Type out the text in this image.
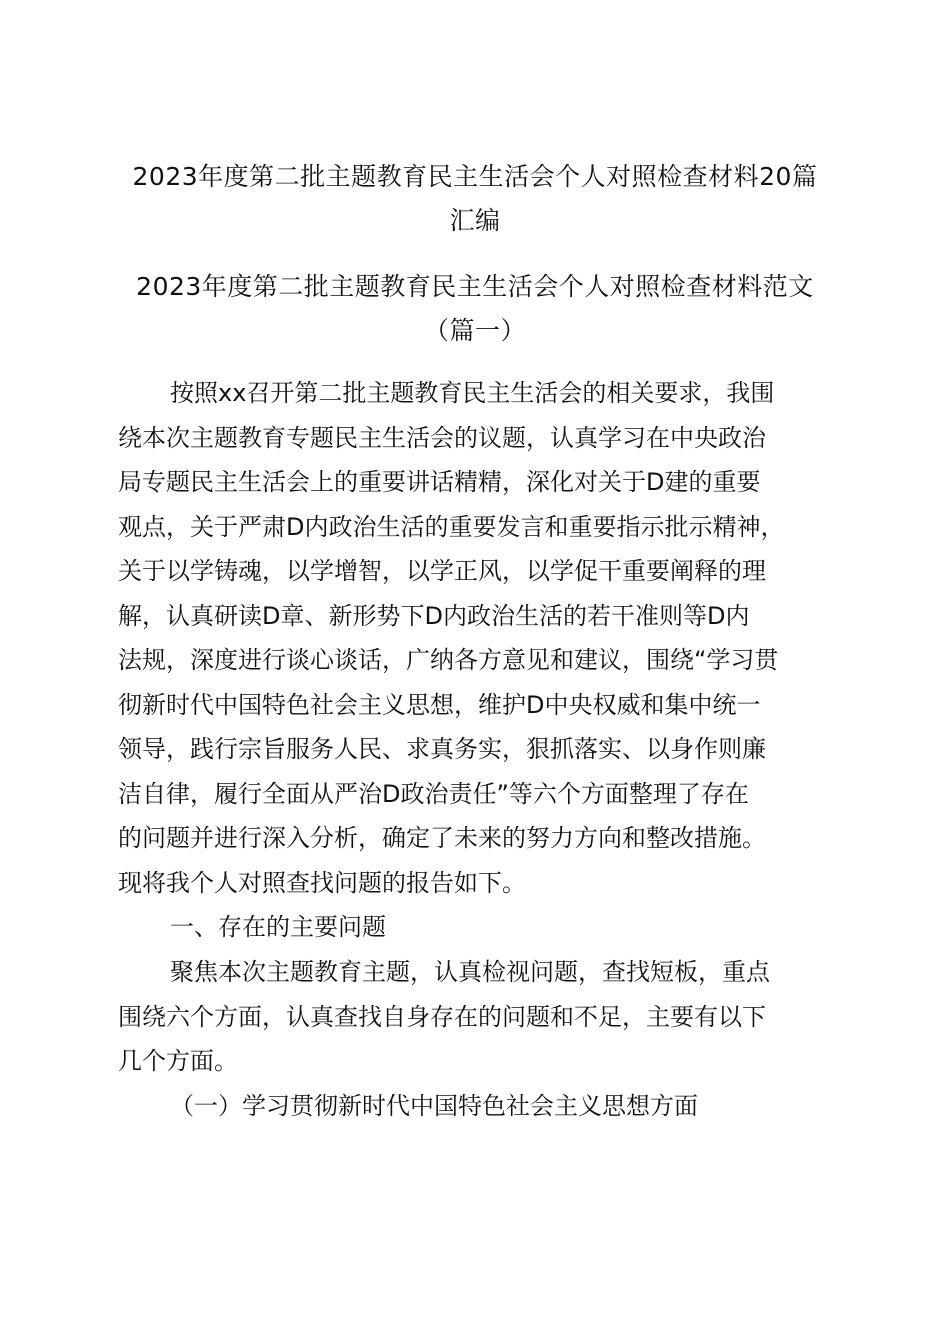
2023年度第二批主题教育民主生活会个人对照检查材料20篇
汇编
2023年度第二批主题教育民主生活会个人对照检查材料范文
（篇一）
按照xx召开第二批主题教育民主生活会的相关要求，我围
绕本次主题教育专题民主生活会的议题，认真学习在中央政治
局专题民主生活会上的重要讲话精精，深化对关于D建的重要
观点，关于严肃D内政治生活的重要发言和重要指示批示精神，
关于以学铸魂，以学增智，以学正风，以学促干重要阐释的理
解，认真研读D章、新形势下D内政治生活的若干准则等D内
法规，深度进行谈心谈话，广纳各方意见和建议，围绕“学习贯
彻新时代中国特色社会主义思想，维护D中央权威和集中统一
领导，践行宗旨服务人民、求真务实，狠抓落实、以身作则廉
洁自律，履行全面从严治D政治责任”等六个方面整理了存在
的问题并进行深入分析，确定了未来的努力方向和整改措施。
现将我个人对照查找问题的报告如下。
一、存在的主要问题
聚焦本次主题教育主题，认真检视问题，查找短板，重点
围绕六个方面，认真查找自身存在的问题和不足，主要有以下
几个方面。
（一）学习贯彻新时代中国特色社会主义思想方面
